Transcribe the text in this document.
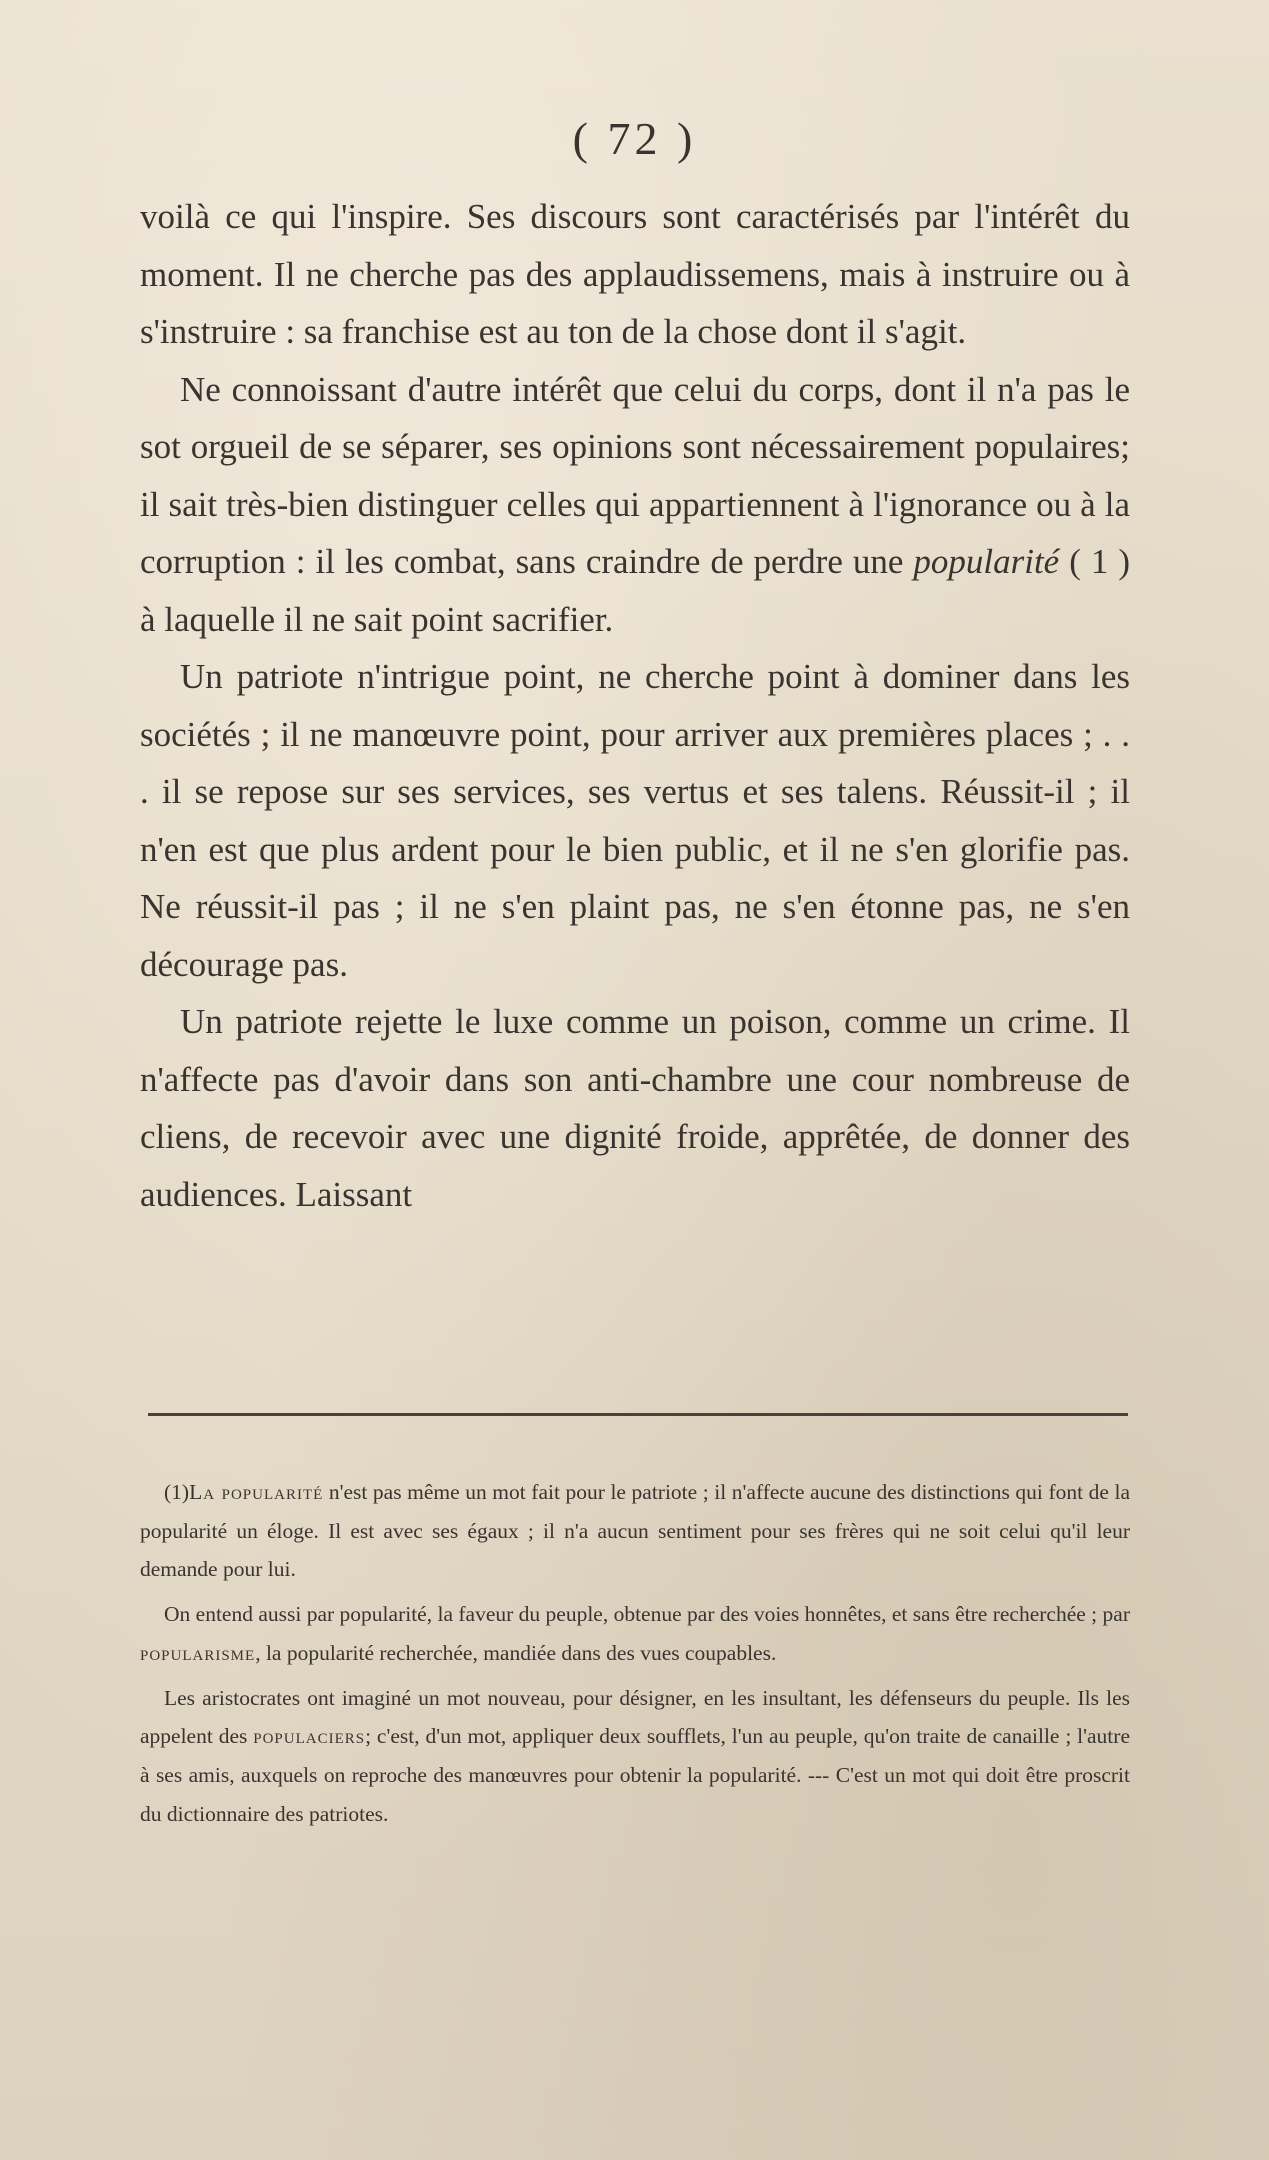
( 72 )

voilà ce qui l'inspire. Ses discours sont caractérisés par l'intérêt du moment. Il ne cherche pas des applaudissemens, mais à instruire ou à s'instruire : sa franchise est au ton de la chose dont il s'agit.

Ne connoissant d'autre intérêt que celui du corps, dont il n'a pas le sot orgueil de se séparer, ses opinions sont nécessairement populaires; il sait très-bien distinguer celles qui appartiennent à l'ignorance ou à la corruption : il les combat, sans craindre de perdre une popularité ( 1 ) à laquelle il ne sait point sacrifier.

Un patriote n'intrigue point, ne cherche point à dominer dans les sociétés ; il ne manœuvre point, pour arriver aux premières places ; . . . il se repose sur ses services, ses vertus et ses talens. Réussit-il ; il n'en est que plus ardent pour le bien public, et il ne s'en glorifie pas. Ne réussit-il pas ; il ne s'en plaint pas, ne s'en étonne pas, ne s'en décourage pas.

Un patriote rejette le luxe comme un poison, comme un crime. Il n'affecte pas d'avoir dans son anti-chambre une cour nombreuse de cliens, de recevoir avec une dignité froide, apprêtée, de donner des audiences. Laissant

(1)La popularité n'est pas même un mot fait pour le patriote ; il n'affecte aucune des distinctions qui font de la popularité un éloge. Il est avec ses égaux ; il n'a aucun sentiment pour ses frères qui ne soit celui qu'il leur demande pour lui.

On entend aussi par popularité, la faveur du peuple, obtenue par des voies honnêtes, et sans être recherchée ; par popularisme, la popularité recherchée, mandiée dans des vues coupables.

Les aristocrates ont imaginé un mot nouveau, pour désigner, en les insultant, les défenseurs du peuple. Ils les appelent des populaciers; c'est, d'un mot, appliquer deux soufflets, l'un au peuple, qu'on traite de canaille ; l'autre à ses amis, auxquels on reproche des manœuvres pour obtenir la popularité. --- C'est un mot qui doit être proscrit du dictionnaire des patriotes.
